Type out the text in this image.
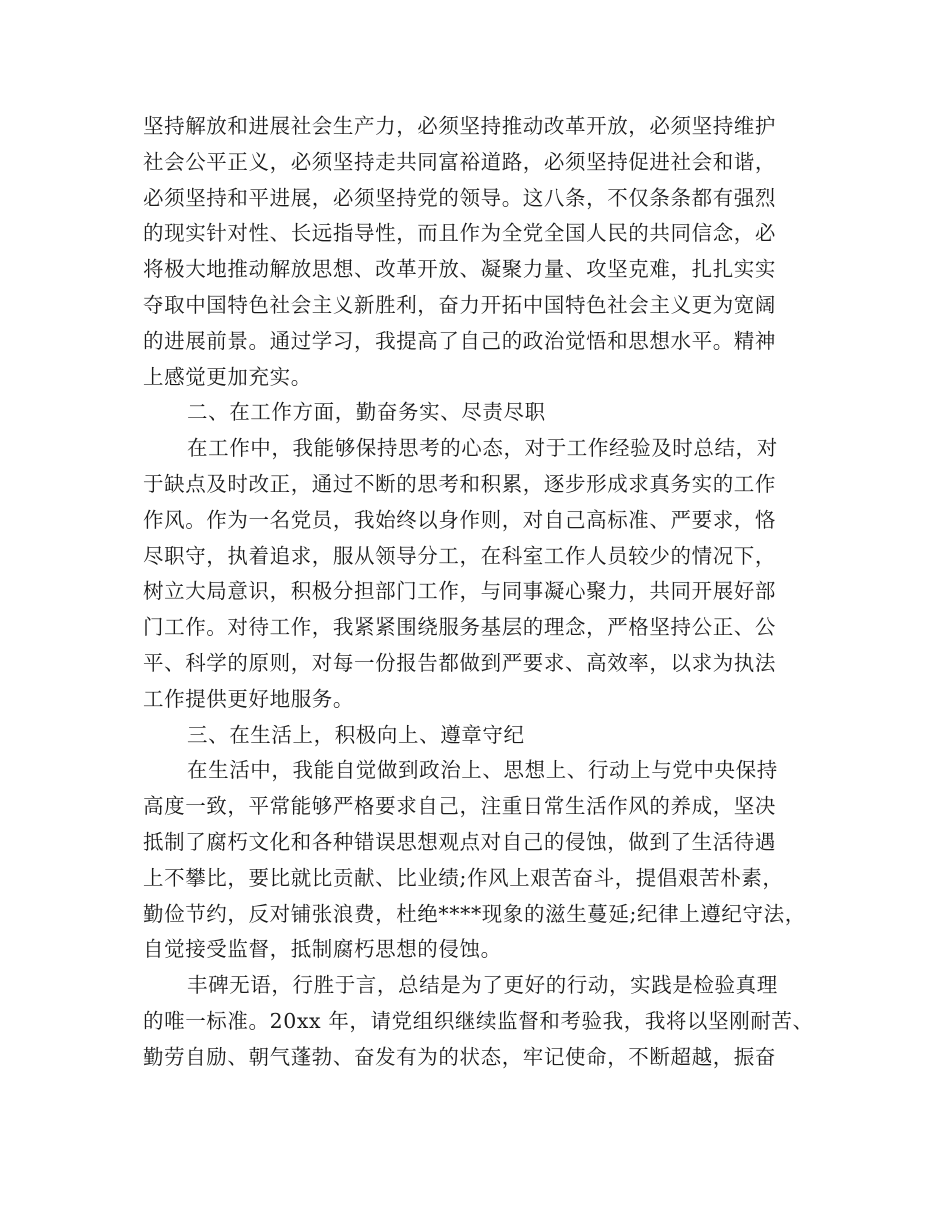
坚持解放和进展社会生产力，必须坚持推动改革开放，必须坚持维护
社会公平正义，必须坚持走共同富裕道路，必须坚持促进社会和谐，
必须坚持和平进展，必须坚持党的领导。这八条，不仅条条都有强烈
的现实针对性、长远指导性，而且作为全党全国人民的共同信念，必
将极大地推动解放思想、改革开放、凝聚力量、攻坚克难，扎扎实实
夺取中国特色社会主义新胜利，奋力开拓中国特色社会主义更为宽阔
的进展前景。通过学习，我提高了自己的政治觉悟和思想水平。精神
上感觉更加充实。
二、在工作方面，勤奋务实、尽责尽职
在工作中，我能够保持思考的心态，对于工作经验及时总结，对
于缺点及时改正，通过不断的思考和积累，逐步形成求真务实的工作
作风。作为一名党员，我始终以身作则，对自己高标准、严要求，恪
尽职守，执着追求，服从领导分工，在科室工作人员较少的情况下，
树立大局意识，积极分担部门工作，与同事凝心聚力，共同开展好部
门工作。对待工作，我紧紧围绕服务基层的理念，严格坚持公正、公
平、科学的原则，对每一份报告都做到严要求、高效率，以求为执法
工作提供更好地服务。
三、在生活上，积极向上、遵章守纪
在生活中，我能自觉做到政治上、思想上、行动上与党中央保持
高度一致，平常能够严格要求自己，注重日常生活作风的养成，坚决
抵制了腐朽文化和各种错误思想观点对自己的侵蚀，做到了生活待遇
上不攀比，要比就比贡献、比业绩;作风上艰苦奋斗，提倡艰苦朴素，
勤俭节约，反对铺张浪费，杜绝****现象的滋生蔓延;纪律上遵纪守法，
自觉接受监督，抵制腐朽思想的侵蚀。
丰碑无语，行胜于言，总结是为了更好的行动，实践是检验真理
的唯一标准。20xx 年，请党组织继续监督和考验我，我将以坚刚耐苦、
勤劳自励、朝气蓬勃、奋发有为的状态，牢记使命，不断超越，振奋
